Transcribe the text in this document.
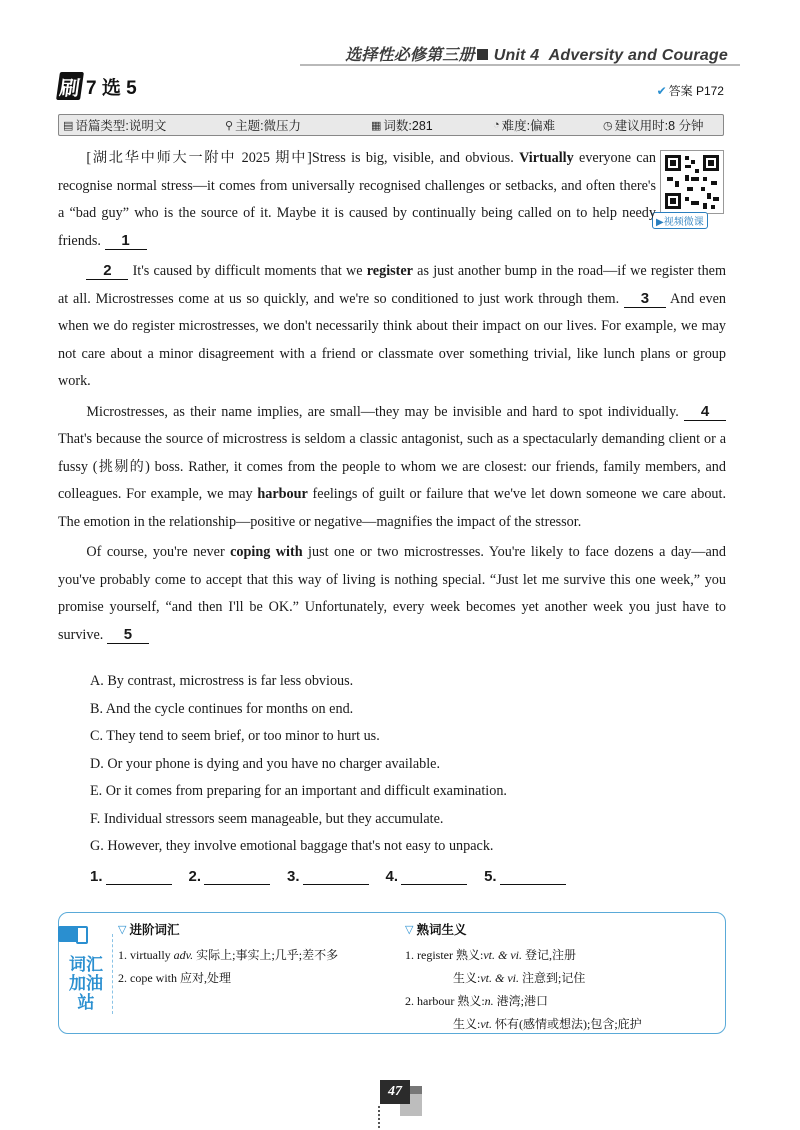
选择性必修第三册 Unit 4 Adversity and Courage
刷 7 选 5	✔ 答案 P172
▤ 语篇类型:说明文	⚲ 主题:微压力	▦ 词数:281	◔ 难度:偏难	◷ 建议用时:8 分钟
▶视频微课

[湖北华中师大一附中 2025 期中]Stress is big, visible, and obvious. Virtually everyone can recognise normal stress—it comes from universally recognised challenges or setbacks, and often there's a “bad guy” who is the source of it. Maybe it is caused by continually being called on to help needy friends. 1

2 It's caused by difficult moments that we register as just another bump in the road—if we register them at all. Microstresses come at us so quickly, and we're so conditioned to just work through them. 3 And even when we do register microstresses, we don't necessarily think about their impact on our lives. For example, we may not care about a minor disagreement with a friend or classmate over something trivial, like lunch plans or group work.

Microstresses, as their name implies, are small—they may be invisible and hard to spot individually. 4 That's because the source of microstress is seldom a classic antagonist, such as a spectacularly demanding client or a fussy (挑剔的) boss. Rather, it comes from the people to whom we are closest: our friends, family members, and colleagues. For example, we may harbour feelings of guilt or failure that we've let down someone we care about. The emotion in the relationship—positive or negative—magnifies the impact of the stressor.

Of course, you're never coping with just one or two microstresses. You're likely to face dozens a day—and you've probably come to accept that this way of living is nothing special. “Just let me survive this one week,” you promise yourself, “and then I'll be OK.” Unfortunately, every week becomes yet another week you just have to survive. 5

A. By contrast, microstress is far less obvious.
B. And the cycle continues for months on end.
C. They tend to seem brief, or too minor to hurt us.
D. Or your phone is dying and you have no charger available.
E. Or it comes from preparing for an important and difficult examination.
F. Individual stressors seem manageable, but they accumulate.
G. However, they involve emotional baggage that's not easy to unpack.
1.	2.	3.	4.	5.
词汇加油站
▽ 进阶词汇
1. virtually adv. 实际上;事实上;几乎;差不多
2. cope with 应对,处理
▽ 熟词生义
1. register 熟义:vt. & vi. 登记,注册
生义:vt. & vi. 注意到;记住
2. harbour 熟义:n. 港湾;港口
生义:vt. 怀有(感情或想法);包含;庇护
47
